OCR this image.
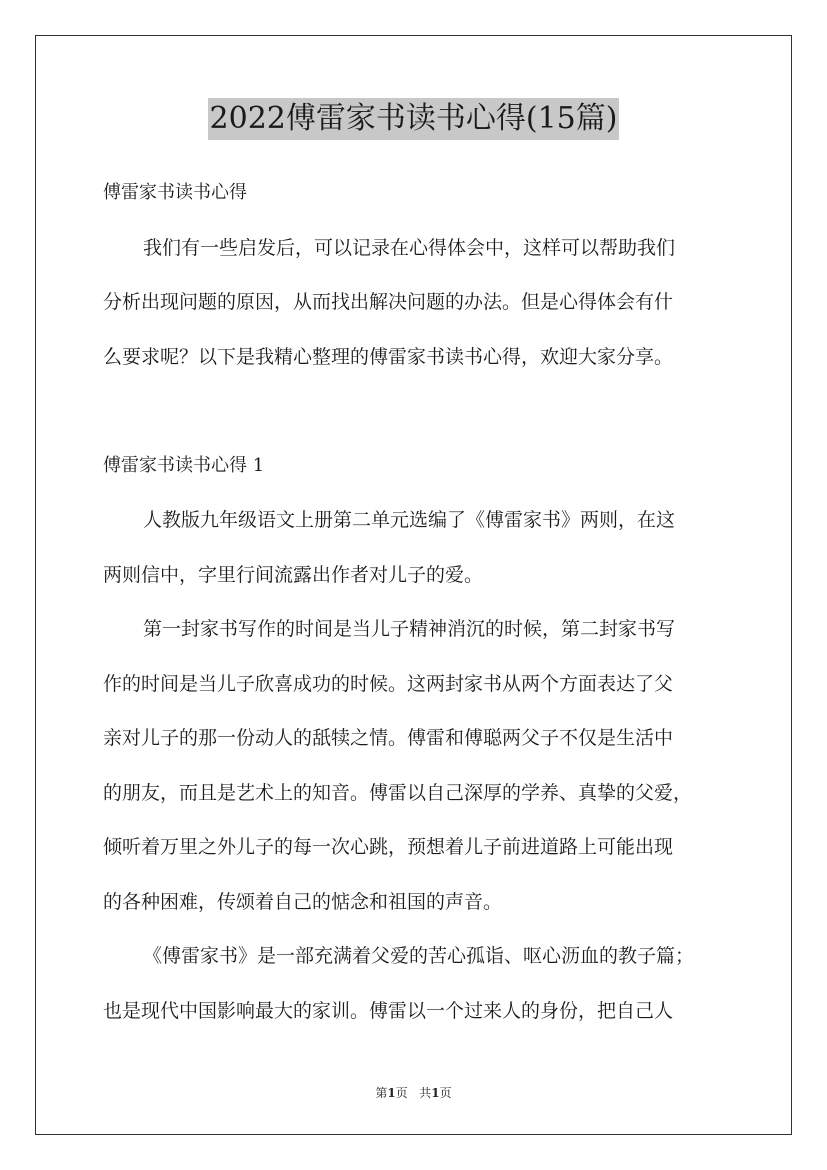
2022傅雷家书读书心得(15篇)
傅雷家书读书心得
我们有一些启发后，可以记录在心得体会中，这样可以帮助我们
分析出现问题的原因，从而找出解决问题的办法。但是心得体会有什
么要求呢？以下是我精心整理的傅雷家书读书心得，欢迎大家分享。
傅雷家书读书心得 1
人教版九年级语文上册第二单元选编了《傅雷家书》两则，在这
两则信中，字里行间流露出作者对儿子的爱。
第一封家书写作的时间是当儿子精神消沉的时候，第二封家书写
作的时间是当儿子欣喜成功的时候。这两封家书从两个方面表达了父
亲对儿子的那一份动人的舐犊之情。傅雷和傅聪两父子不仅是生活中
的朋友，而且是艺术上的知音。傅雷以自己深厚的学养、真挚的父爱，
倾听着万里之外儿子的每一次心跳，预想着儿子前进道路上可能出现
的各种困难，传颂着自己的惦念和祖国的声音。
《傅雷家书》是一部充满着父爱的苦心孤诣、呕心沥血的教子篇；
也是现代中国影响最大的家训。傅雷以一个过来人的身份，把自己人
第1页   共1页
